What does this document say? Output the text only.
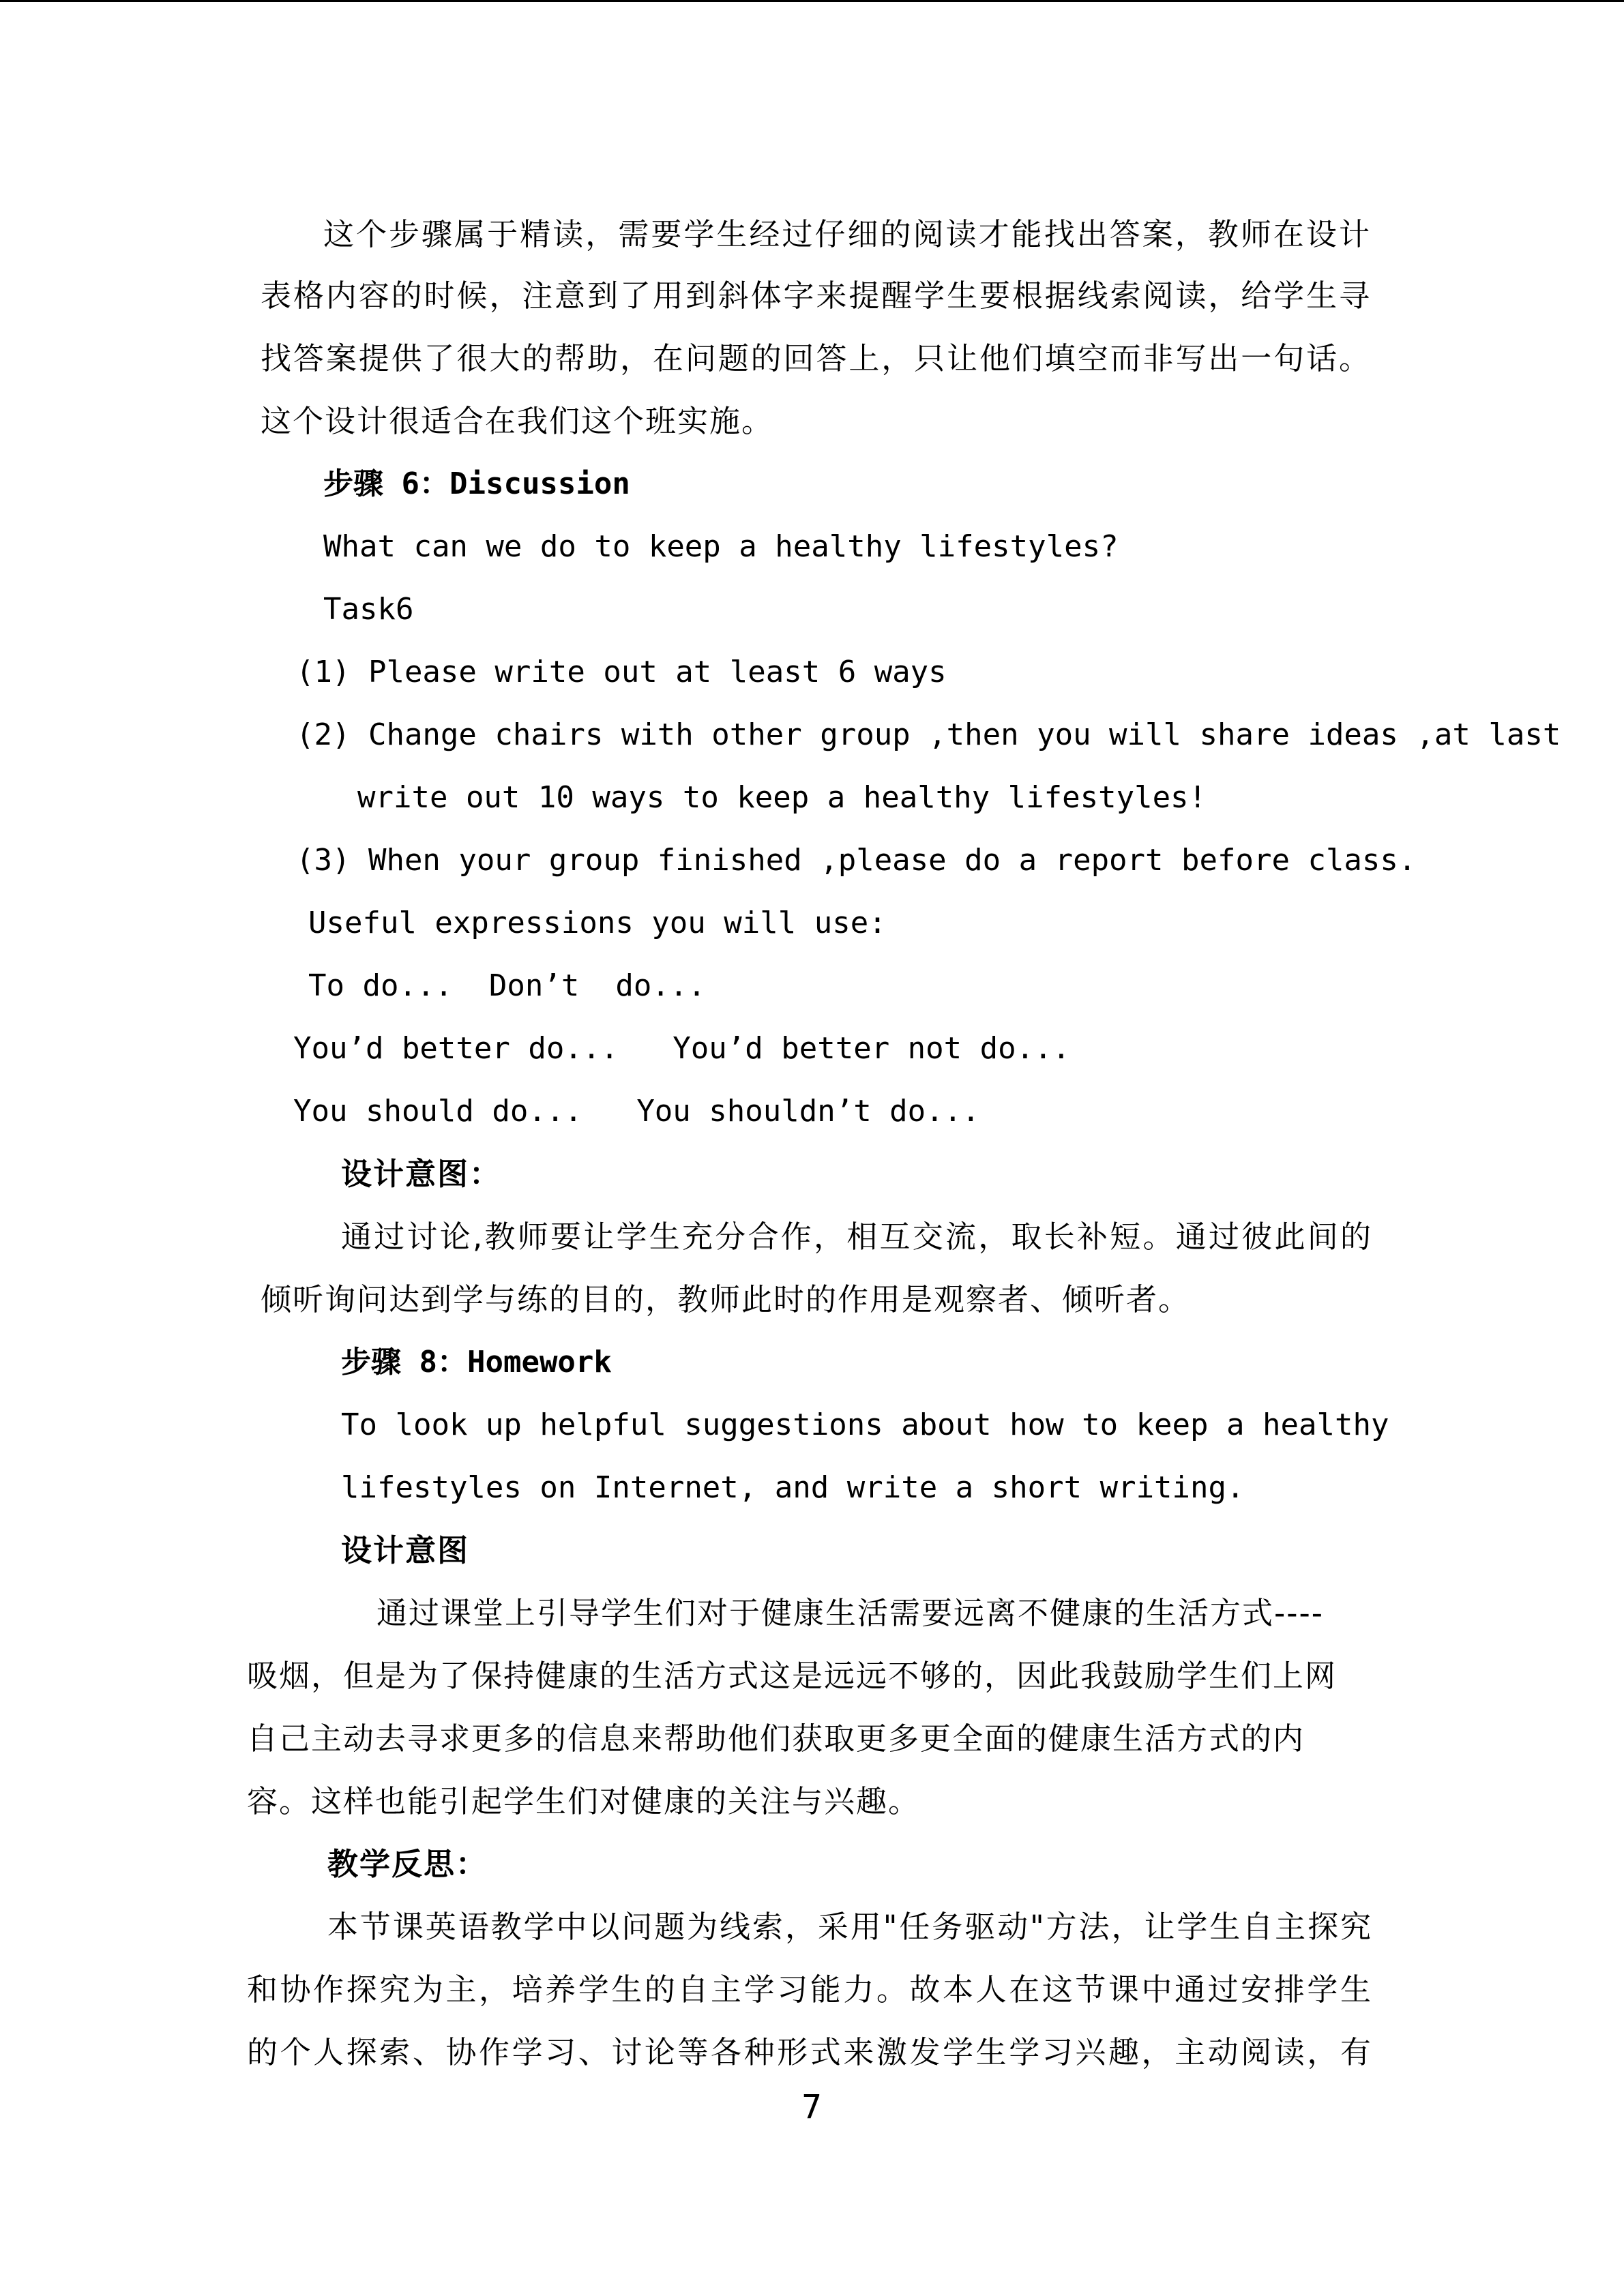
这个步骤属于精读，需要学生经过仔细的阅读才能找出答案，教师在设计
表格内容的时候，注意到了用到斜体字来提醒学生要根据线索阅读，给学生寻
找答案提供了很大的帮助，在问题的回答上，只让他们填空而非写出一句话。
这个设计很适合在我们这个班实施。
步骤 6：Discussion
What can we do to keep a healthy lifestyles?
Task6
(1) Please write out at least 6 ways
(2) Change chairs with other group ,then you will share ideas ,at last
write out 10 ways to keep a healthy lifestyles!
(3) When your group finished ,please do a report before class.
Useful expressions you will use:
To do...  Don’t  do...
You’d better do...   You’d better not do...
You should do...   You shouldn’t do...
设计意图：
通过讨论,教师要让学生充分合作，相互交流，取长补短。通过彼此间的
倾听询问达到学与练的目的，教师此时的作用是观察者、倾听者。
步骤 8：Homework
To look up helpful suggestions about how to keep a healthy
lifestyles on Internet, and write a short writing.
设计意图
通过课堂上引导学生们对于健康生活需要远离不健康的生活方式----
吸烟，但是为了保持健康的生活方式这是远远不够的，因此我鼓励学生们上网
自己主动去寻求更多的信息来帮助他们获取更多更全面的健康生活方式的内
容。这样也能引起学生们对健康的关注与兴趣。
教学反思：
本节课英语教学中以问题为线索，采用"任务驱动"方法，让学生自主探究
和协作探究为主，培养学生的自主学习能力。故本人在这节课中通过安排学生
的个人探索、协作学习、讨论等各种形式来激发学生学习兴趣，主动阅读，有
7
